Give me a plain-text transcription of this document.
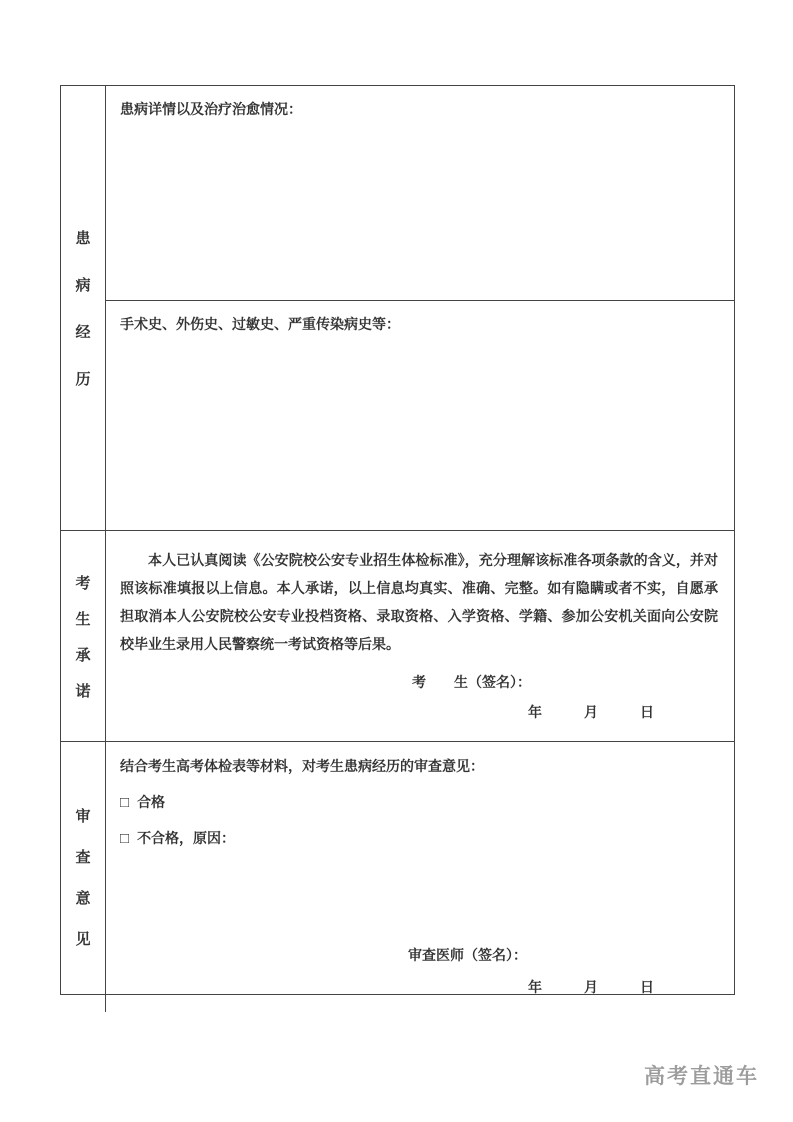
患
病
经
历
患病详情以及治疗治愈情况：
手术史、外伤史、过敏史、严重传染病史等：
考
生
承
诺
本人已认真阅读《公安院校公安专业招生体检标准》，充分理解该标准各项条款的含义，并对照该标准填报以上信息。本人承诺，以上信息均真实、准确、完整。如有隐瞒或者不实，自愿承担取消本人公安院校公安专业投档资格、录取资格、入学资格、学籍、参加公安机关面向公安院校毕业生录用人民警察统一考试资格等后果。
考　　生（签名）：
年　　　月　　　日
审
查
意
见
结合考生高考体检表等材料，对考生患病经历的审查意见：
□ 合格
□ 不合格，原因：
审查医师（签名）：
年　　　月　　　日
高考直通车
